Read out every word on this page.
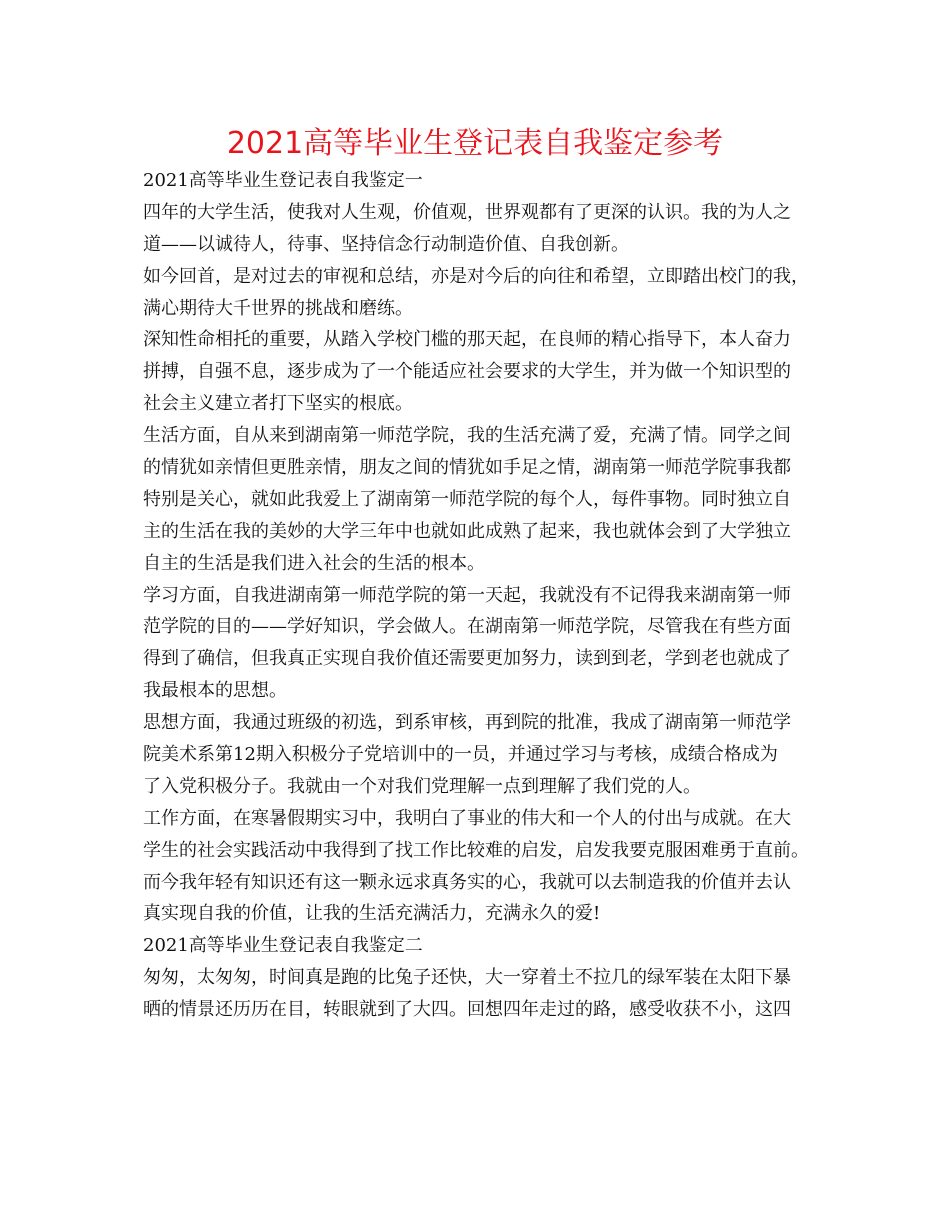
2021高等毕业生登记表自我鉴定参考
2021高等毕业生登记表自我鉴定一
四年的大学生活，使我对人生观，价值观，世界观都有了更深的认识。我的为人之
道——以诚待人，待事、坚持信念行动制造价值、自我创新。
如今回首，是对过去的审视和总结，亦是对今后的向往和希望，立即踏出校门的我，
满心期待大千世界的挑战和磨练。
深知性命相托的重要，从踏入学校门槛的那天起，在良师的精心指导下，本人奋力
拼搏，自强不息，逐步成为了一个能适应社会要求的大学生，并为做一个知识型的
社会主义建立者打下坚实的根底。
生活方面，自从来到湖南第一师范学院，我的生活充满了爱，充满了情。同学之间
的情犹如亲情但更胜亲情，朋友之间的情犹如手足之情，湖南第一师范学院事我都
特别是关心，就如此我爱上了湖南第一师范学院的每个人，每件事物。同时独立自
主的生活在我的美妙的大学三年中也就如此成熟了起来，我也就体会到了大学独立
自主的生活是我们进入社会的生活的根本。
学习方面，自我进湖南第一师范学院的第一天起，我就没有不记得我来湖南第一师
范学院的目的——学好知识，学会做人。在湖南第一师范学院，尽管我在有些方面
得到了确信，但我真正实现自我价值还需要更加努力，读到到老，学到老也就成了
我最根本的思想。
思想方面，我通过班级的初选，到系审核，再到院的批准，我成了湖南第一师范学
院美术系第12期入积极分子党培训中的一员，并通过学习与考核，成绩合格成为
了入党积极分子。我就由一个对我们党理解一点到理解了我们党的人。
工作方面，在寒暑假期实习中，我明白了事业的伟大和一个人的付出与成就。在大
学生的社会实践活动中我得到了找工作比较难的启发，启发我要克服困难勇于直前。
而今我年轻有知识还有这一颗永远求真务实的心，我就可以去制造我的价值并去认
真实现自我的价值，让我的生活充满活力，充满永久的爱!
2021高等毕业生登记表自我鉴定二
匆匆，太匆匆，时间真是跑的比兔子还快，大一穿着土不拉几的绿军装在太阳下暴
晒的情景还历历在目，转眼就到了大四。回想四年走过的路，感受收获不小，这四
